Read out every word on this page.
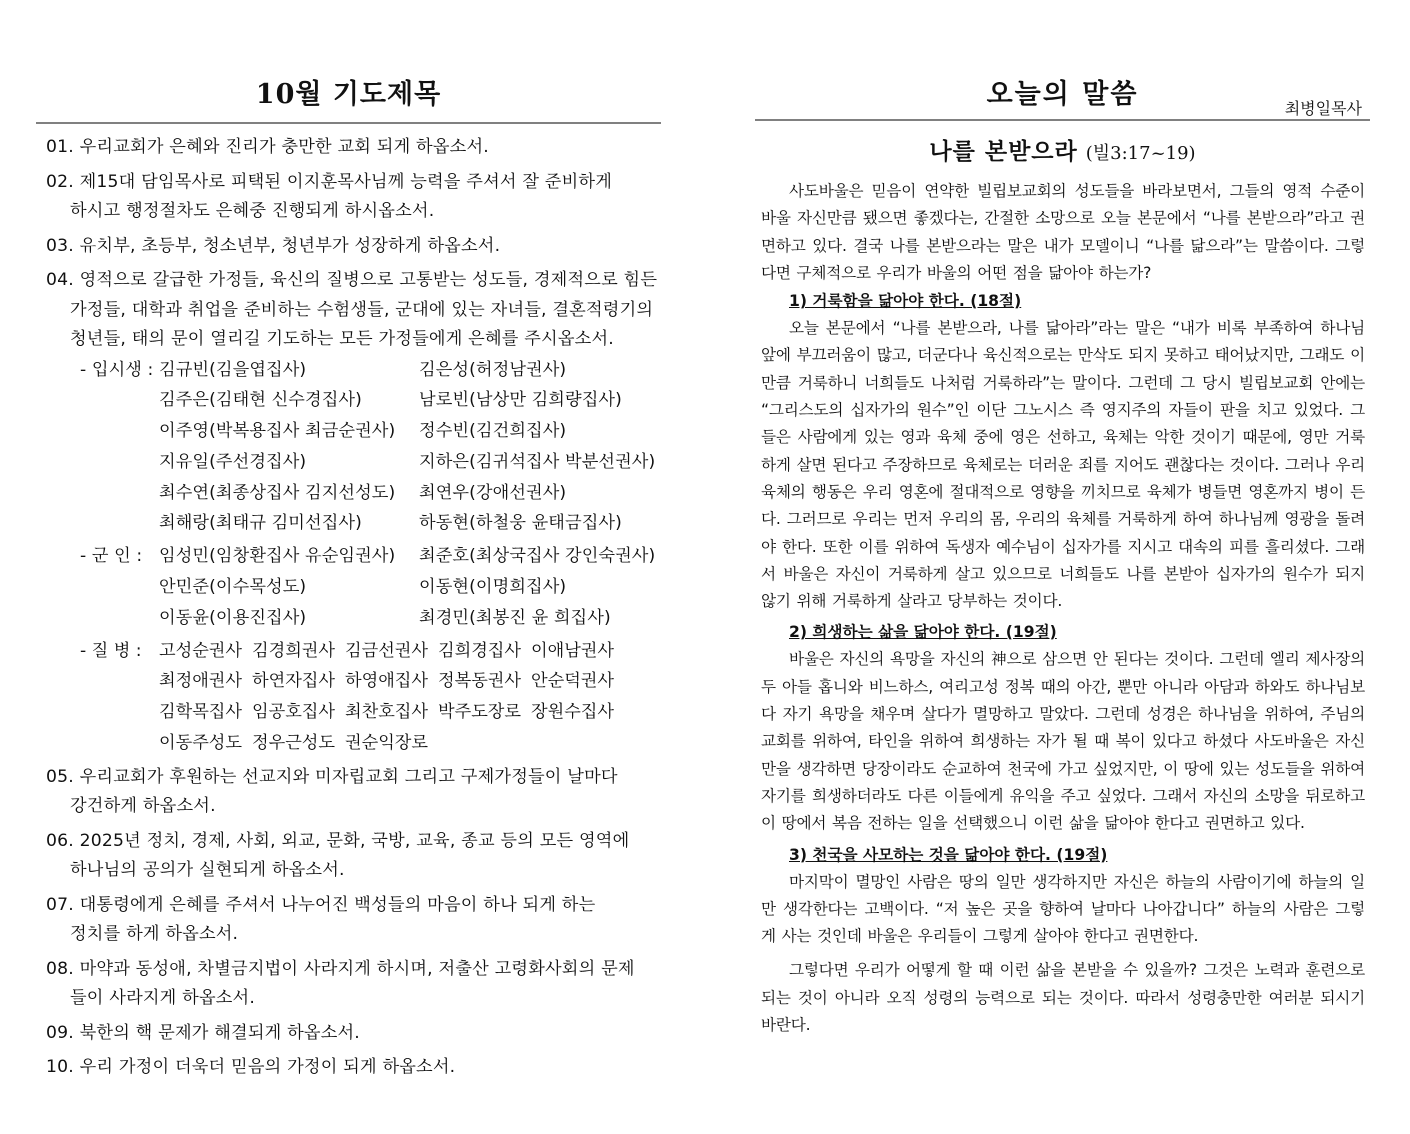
10월 기도제목
01. 우리교회가 은혜와 진리가 충만한 교회 되게 하옵소서.
02. 제15대 담임목사로 피택된 이지훈목사님께 능력을 주셔서 잘 준비하게
하시고 행정절차도 은혜중 진행되게 하시옵소서.
03. 유치부, 초등부, 청소년부, 청년부가 성장하게 하옵소서.
04. 영적으로 갈급한 가정들, 육신의 질병으로 고통받는 성도들, 경제적으로 힘든
가정들, 대학과 취업을 준비하는 수험생들, 군대에 있는 자녀들, 결혼적령기의
청년들, 태의 문이 열리길 기도하는 모든 가정들에게 은혜를 주시옵소서.
- 입시생 : 김규빈(김을엽집사)	김은성(허정남권사)
김주은(김태현 신수경집사)	남로빈(남상만 김희량집사)
이주영(박복용집사 최금순권사)	정수빈(김건희집사)
지유일(주선경집사)	지하은(김귀석집사 박분선권사)
최수연(최종상집사 김지선성도)	최연우(강애선권사)
최해랑(최태규 김미선집사)	하동현(하철웅 윤태금집사)
- 군 인 : 임성민(임창환집사 유순임권사)	최준호(최상국집사 강인숙권사)
안민준(이수목성도)	이동현(이명희집사)
이동윤(이용진집사)	최경민(최봉진 윤 희집사)
- 질 병 :	고성순권사 김경희권사 김금선권사 김희경집사 이애남권사
최정애권사 하연자집사 하영애집사 정복동권사 안순덕권사
김학목집사 임공호집사 최찬호집사 박주도장로 장원수집사
이동주성도 정우근성도 권순익장로
05. 우리교회가 후원하는 선교지와 미자립교회 그리고 구제가정들이 날마다
강건하게 하옵소서.
06. 2025년 정치, 경제, 사회, 외교, 문화, 국방, 교육, 종교 등의 모든 영역에
하나님의 공의가 실현되게 하옵소서.
07. 대통령에게 은혜를 주셔서 나누어진 백성들의 마음이 하나 되게 하는
정치를 하게 하옵소서.
08. 마약과 동성애, 차별금지법이 사라지게 하시며, 저출산 고령화사회의 문제
들이 사라지게 하옵소서.
09. 북한의 핵 문제가 해결되게 하옵소서.
10. 우리 가정이 더욱더 믿음의 가정이 되게 하옵소서.
오늘의 말씀	최병일목사
나를 본받으라 (빌3:17~19)

사도바울은 믿음이 연약한 빌립보교회의 성도들을 바라보면서, 그들의 영적 수준이 바울 자신만큼 됐으면 좋겠다는, 간절한 소망으로 오늘 본문에서 “나를 본받으라”라고 권면하고 있다. 결국 나를 본받으라는 말은 내가 모델이니 “나를 닮으라”는 말씀이다. 그렇다면 구체적으로 우리가 바울의 어떤 점을 닮아야 하는가?

1) 거룩함을 닮아야 한다. (18절)

오늘 본문에서 “나를 본받으라, 나를 닮아라”라는 말은 “내가 비록 부족하여 하나님 앞에 부끄러움이 많고, 더군다나 육신적으로는 만삭도 되지 못하고 태어났지만, 그래도 이만큼 거룩하니 너희들도 나처럼 거룩하라”는 말이다. 그런데 그 당시 빌립보교회 안에는 “그리스도의 십자가의 원수”인 이단 그노시스 즉 영지주의 자들이 판을 치고 있었다. 그들은 사람에게 있는 영과 육체 중에 영은 선하고, 육체는 악한 것이기 때문에, 영만 거룩하게 살면 된다고 주장하므로 육체로는 더러운 죄를 지어도 괜찮다는 것이다. 그러나 우리 육체의 행동은 우리 영혼에 절대적으로 영향을 끼치므로 육체가 병들면 영혼까지 병이 든다. 그러므로 우리는 먼저 우리의 몸, 우리의 육체를 거룩하게 하여 하나님께 영광을 돌려야 한다. 또한 이를 위하여 독생자 예수님이 십자가를 지시고 대속의 피를 흘리셨다. 그래서 바울은 자신이 거룩하게 살고 있으므로 너희들도 나를 본받아 십자가의 원수가 되지 않기 위해 거룩하게 살라고 당부하는 것이다.

2) 희생하는 삶을 닮아야 한다. (19절)

바울은 자신의 욕망을 자신의 神으로 삼으면 안 된다는 것이다. 그런데 엘리 제사장의 두 아들 홉니와 비느하스, 여리고성 정복 때의 아간, 뿐만 아니라 아담과 하와도 하나님보다 자기 욕망을 채우며 살다가 멸망하고 말았다. 그런데 성경은 하나님을 위하여, 주님의 교회를 위하여, 타인을 위하여 희생하는 자가 될 때 복이 있다고 하셨다 사도바울은 자신만을 생각하면 당장이라도 순교하여 천국에 가고 싶었지만, 이 땅에 있는 성도들을 위하여 자기를 희생하더라도 다른 이들에게 유익을 주고 싶었다. 그래서 자신의 소망을 뒤로하고 이 땅에서 복음 전하는 일을 선택했으니 이런 삶을 닮아야 한다고 권면하고 있다.

3) 천국을 사모하는 것을 닮아야 한다. (19절)

마지막이 멸망인 사람은 땅의 일만 생각하지만 자신은 하늘의 사람이기에 하늘의 일만 생각한다는 고백이다. “저 높은 곳을 향하여 날마다 나아갑니다” 하늘의 사람은 그렇게 사는 것인데 바울은 우리들이 그렇게 살아야 한다고 권면한다.

그렇다면 우리가 어떻게 할 때 이런 삶을 본받을 수 있을까? 그것은 노력과 훈련으로 되는 것이 아니라 오직 성령의 능력으로 되는 것이다. 따라서 성령충만한 여러분 되시기 바란다.
